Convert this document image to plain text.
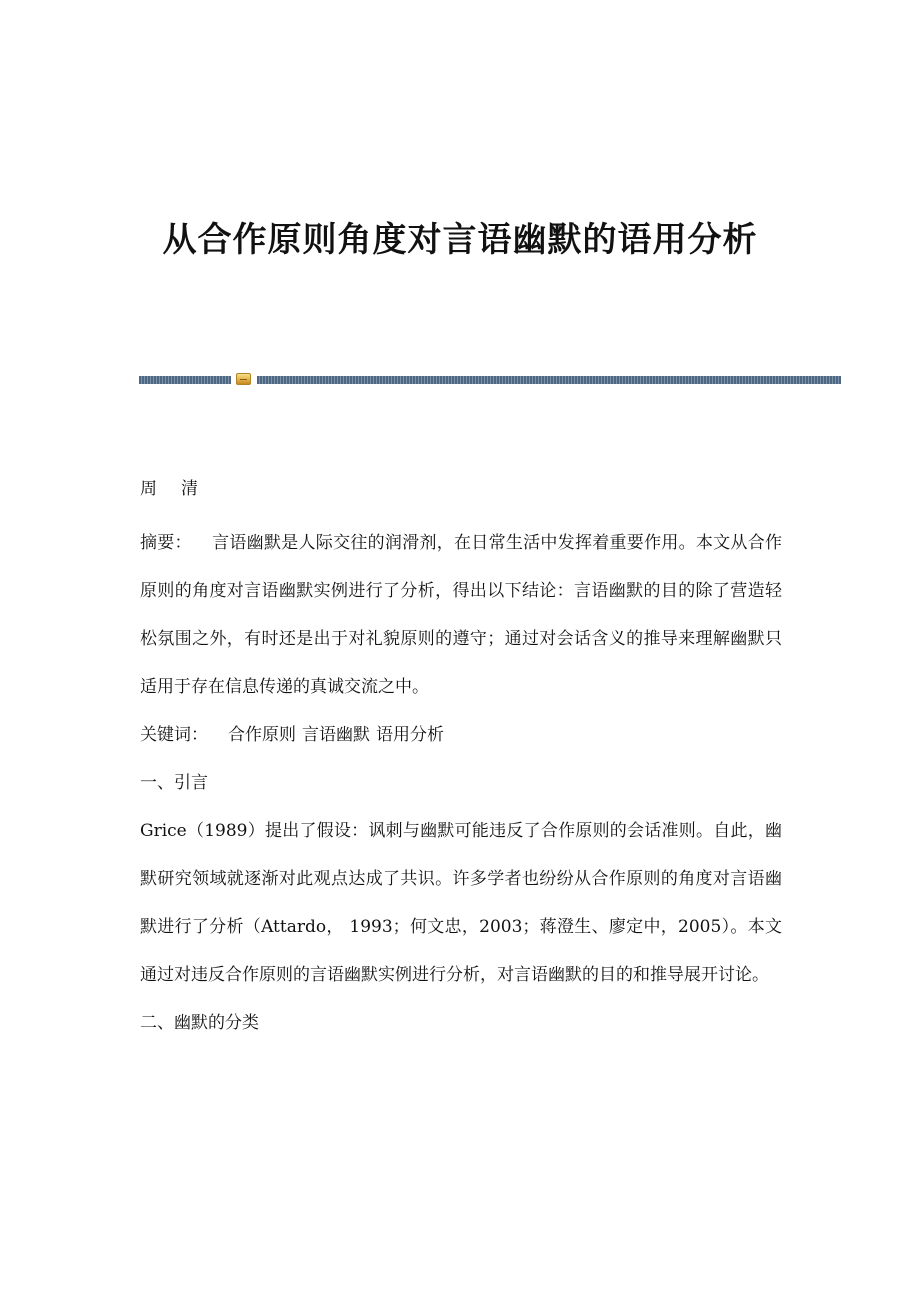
从合作原则角度对言语幽默的语用分析

周清

摘要： 言语幽默是人际交往的润滑剂，在日常生活中发挥着重要作用。本文从合作原则的角度对言语幽默实例进行了分析，得出以下结论：言语幽默的目的除了营造轻松氛围之外，有时还是出于对礼貌原则的遵守；通过对会话含义的推导来理解幽默只适用于存在信息传递的真诚交流之中。

关键词： 合作原则 言语幽默 语用分析

一、引言

Grice（1989）提出了假设：讽刺与幽默可能违反了合作原则的会话准则。自此，幽默研究领域就逐渐对此观点达成了共识。许多学者也纷纷从合作原则的角度对言语幽默进行了分析（Attardo， 1993；何文忠，2003；蒋澄生、廖定中，2005）。本文通过对违反合作原则的言语幽默实例进行分析，对言语幽默的目的和推导展开讨论。

二、幽默的分类
